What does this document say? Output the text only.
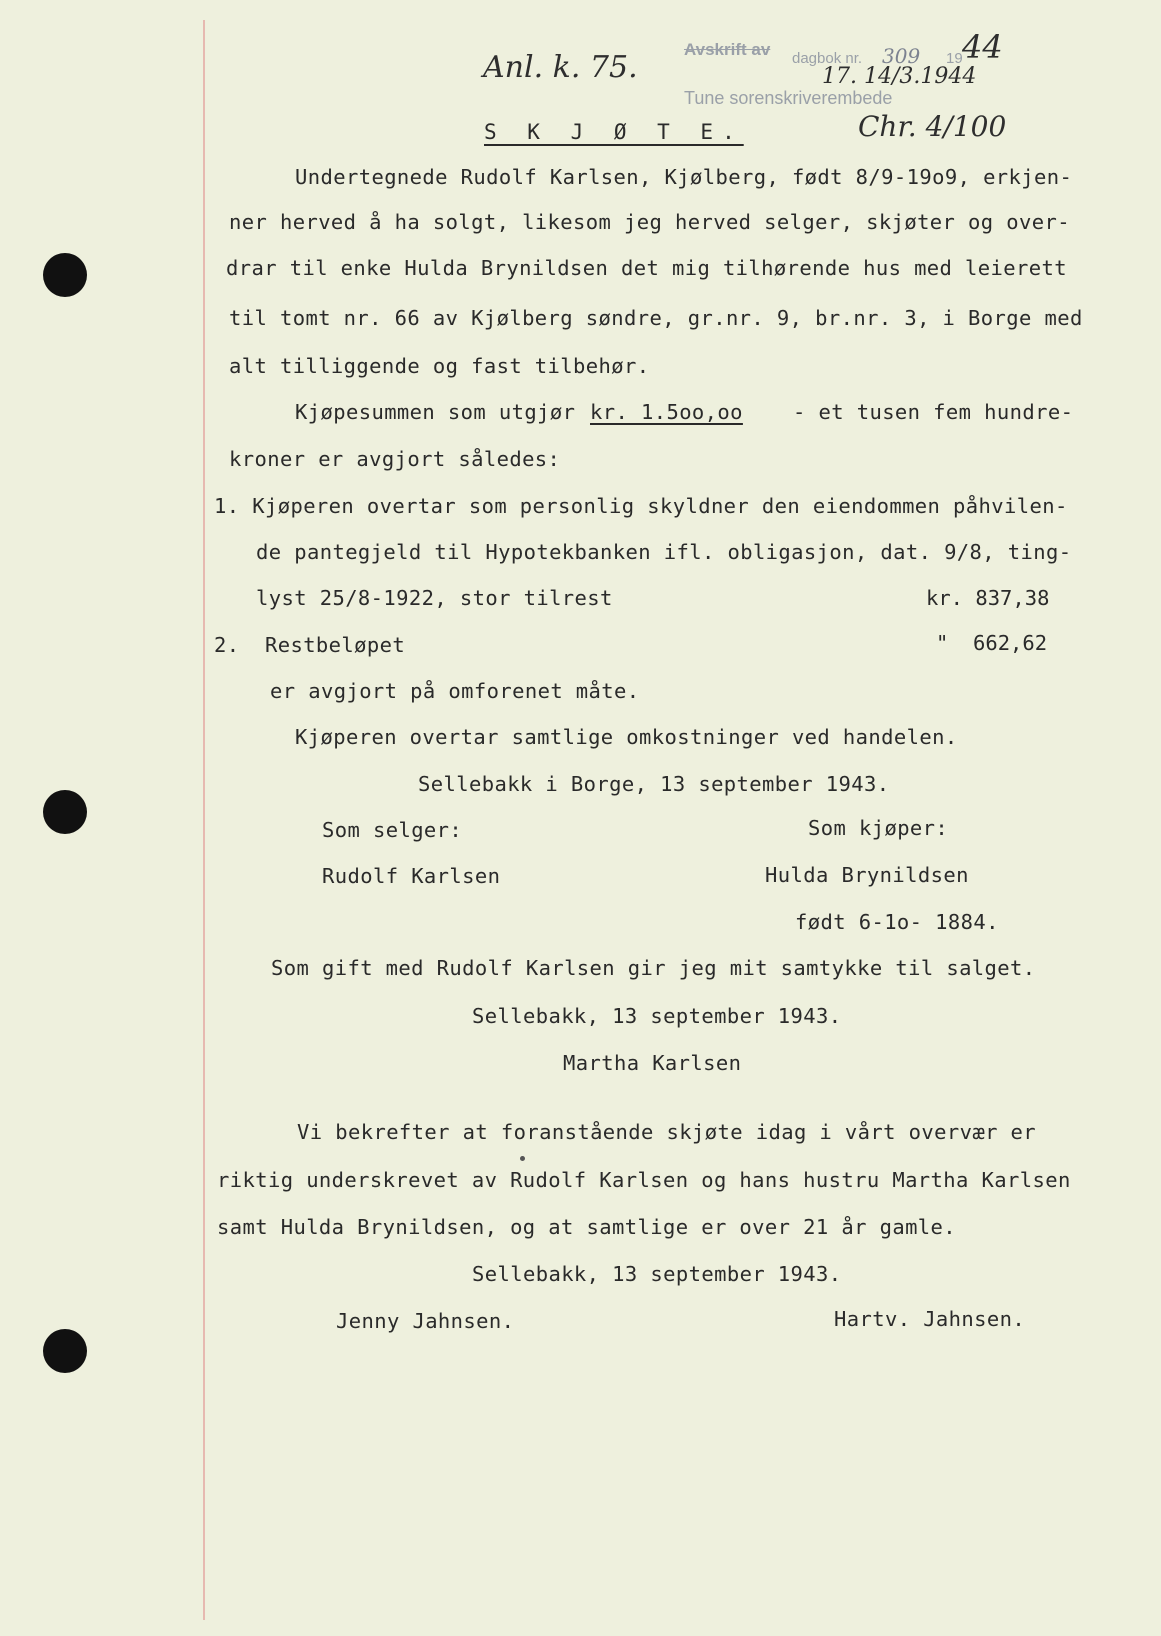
Anl. k. 75.
Avskrift av dagbok nr. 309 19 44
17. 14/3.1944
Tune sorenskriverembede
Chr. 4/100
S K J Ø T E.
Undertegnede Rudolf Karlsen, Kjølberg, født 8/9-19o9, erkjen-
ner herved å ha solgt, likesom jeg herved selger, skjøter og over-
drar til enke Hulda Brynildsen det mig tilhørende hus med leierett
til tomt nr. 66 av Kjølberg søndre, gr.nr. 9, br.nr. 3, i Borge med
alt tilliggende og fast tilbehør.
Kjøpesummen som utgjør kr. 1.5oo,oo - et tusen fem hundre-
kroner er avgjort således:
1. Kjøperen overtar som personlig skyldner den eiendommen påhvilen-
de pantegjeld til Hypotekbanken ifl. obligasjon, dat. 9/8, ting-
lyst 25/8-1922, stor tilrest	kr. 837,38
2.  Restbeløpet	"  662,62
er avgjort på omforenet måte.
Kjøperen overtar samtlige omkostninger ved handelen.
Sellebakk i Borge, 13 september 1943.
Som selger:	Som kjøper:
Rudolf Karlsen	Hulda Brynildsen
født 6-1o- 1884.
Som gift med Rudolf Karlsen gir jeg mit samtykke til salget.
Sellebakk, 13 september 1943.
Martha Karlsen
Vi bekrefter at foranstående skjøte idag i vårt overvær er
riktig underskrevet av Rudolf Karlsen og hans hustru Martha Karlsen
samt Hulda Brynildsen, og at samtlige er over 21 år gamle.
Sellebakk, 13 september 1943.
Jenny Jahnsen.	Hartv. Jahnsen.
